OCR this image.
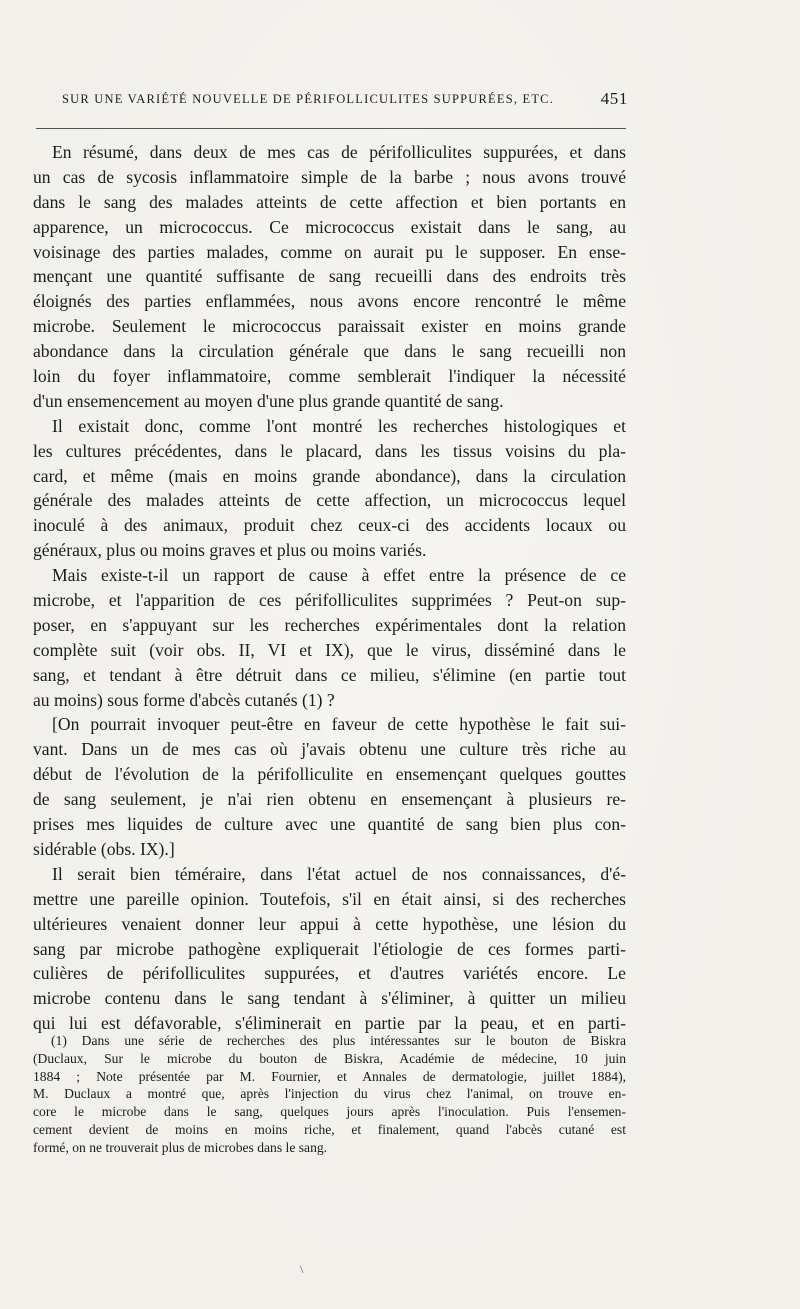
SUR UNE VARIÉTÉ NOUVELLE DE PÉRIFOLLICULITES SUPPURÉES, ETC.	451
En résumé, dans deux de mes cas de périfolliculites suppurées, et dans
un cas de sycosis inflammatoire simple de la barbe ; nous avons trouvé
dans le sang des malades atteints de cette affection et bien portants en
apparence, un micrococcus. Ce micrococcus existait dans le sang, au
voisinage des parties malades, comme on aurait pu le supposer. En ense-
mençant une quantité suffisante de sang recueilli dans des endroits très
éloignés des parties enflammées, nous avons encore rencontré le même
microbe. Seulement le micrococcus paraissait exister en moins grande
abondance dans la circulation générale que dans le sang recueilli non
loin du foyer inflammatoire, comme semblerait l'indiquer la nécessité
d'un ensemencement au moyen d'une plus grande quantité de sang.
Il existait donc, comme l'ont montré les recherches histologiques et
les cultures précédentes, dans le placard, dans les tissus voisins du pla-
card, et même (mais en moins grande abondance), dans la circulation
générale des malades atteints de cette affection, un micrococcus lequel
inoculé à des animaux, produit chez ceux-ci des accidents locaux ou
généraux, plus ou moins graves et plus ou moins variés.
Mais existe-t-il un rapport de cause à effet entre la présence de ce
microbe, et l'apparition de ces périfolliculites supprimées ? Peut-on sup-
poser, en s'appuyant sur les recherches expérimentales dont la relation
complète suit (voir obs. II, VI et IX), que le virus, disséminé dans le
sang, et tendant à être détruit dans ce milieu, s'élimine (en partie tout
au moins) sous forme d'abcès cutanés (1) ?
[On pourrait invoquer peut-être en faveur de cette hypothèse le fait sui-
vant. Dans un de mes cas où j'avais obtenu une culture très riche au
début de l'évolution de la périfolliculite en ensemençant quelques gouttes
de sang seulement, je n'ai rien obtenu en ensemençant à plusieurs re-
prises mes liquides de culture avec une quantité de sang bien plus con-
sidérable (obs. IX).]
Il serait bien téméraire, dans l'état actuel de nos connaissances, d'é-
mettre une pareille opinion. Toutefois, s'il en était ainsi, si des recherches
ultérieures venaient donner leur appui à cette hypothèse, une lésion du
sang par microbe pathogène expliquerait l'étiologie de ces formes parti-
culières de périfolliculites suppurées, et d'autres variétés encore. Le
microbe contenu dans le sang tendant à s'éliminer, à quitter un milieu
qui lui est défavorable, s'éliminerait en partie par la peau, et en parti-
(1) Dans une série de recherches des plus intéressantes sur le bouton de Biskra
(Duclaux, Sur le microbe du bouton de Biskra, Académie de médecine, 10 juin
1884 ; Note présentée par M. Fournier, et Annales de dermatologie, juillet 1884),
M. Duclaux a montré que, après l'injection du virus chez l'animal, on trouve en-
core le microbe dans le sang, quelques jours après l'inoculation. Puis l'ensemen-
cement devient de moins en moins riche, et finalement, quand l'abcès cutané est
formé, on ne trouverait plus de microbes dans le sang.
\
